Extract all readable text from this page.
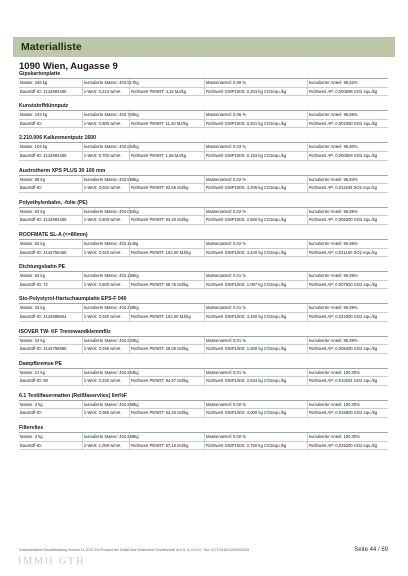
Materialliste
1090 Wien, Augasse 9
Gipskartonplatte
Masse: 346 kg	kumulierte Masse: 403.517kg	Massenanteil: 0,09 %	kumulierter Anteil: 96,82%
Baustoff-ID: 2142684286	λ-Wert: 0,210 w/mK	Richtwert PENRT: 4,34 MJ/kg	Richtwert GWP100S: 0,203 kg CO2equ./kg	Richtwert AP: 0,000698 SO2 equ./kg
Kunststoffdünnputz
Masse: 243 kg	kumulierte Masse: 403.760kg	Massenanteil: 0,06 %	kumulierter Anteil: 96,88%
Baustoff-ID:	λ-Wert: 0,900 w/mK	Richtwert PENRT: 11,40 MJ/kg	Richtwert GWP100S: 0,401 kg CO2equ./kg	Richtwert AP: 0,002360 SO2 equ./kg
2.210.006 Kalkzementputz 1600
Masse: 104 kg	kumulierte Masse: 403.864kg	Massenanteil: 0,03 %	kumulierter Anteil: 96,90%
Baustoff-ID: 2142684286	λ-Wert: 0,700 w/mK	Richtwert PENRT: 1,58 MJ/kg	Richtwert GWP100S: 0,153 kg CO2equ./kg	Richtwert AP: 0,000559 SO2 equ./kg
Austrotherm XPS PLUS 30 100 mm
Masse: 95 kg	kumulierte Masse: 403.959kg	Massenanteil: 0,02 %	kumulierter Anteil: 96,93%
Baustoff-ID:	λ-Wert: 0,032 w/mK	Richtwert PENRT: 93,56 MJ/kg	Richtwert GWP100S: 4,205 kg CO2equ./kg	Richtwert AP: 0,011539 SO2 equ./kg
Polyethylenbahn, -folie (PE)
Masse: 93 kg	kumulierte Masse: 404.052kg	Massenanteil: 0,02 %	kumulierter Anteil: 96,95%
Baustoff-ID: 2142684286	λ-Wert: 0,500 w/mK	Richtwert PENRT: 93,40 MJ/kg	Richtwert GWP100S: 2,550 kg CO2equ./kg	Richtwert AP: 0,005300 SO2 equ./kg
ROOFMATE SL-A (<=80mm)
Masse: 62 kg	kumulierte Masse: 404.114kg	Massenanteil: 0,02 %	kumulierter Anteil: 96,96%
Baustoff-ID: 2142755465	λ-Wert: 0,033 w/mK	Richtwert PENRT: 102,00 MJ/kg	Richtwert GWP100S: 3,440 kg CO2equ./kg	Richtwert AP: 0,021100 SO2 equ./kg
Dichtungsbahn PE
Masse: 53 kg	kumulierte Masse: 404.166kg	Massenanteil: 0,01 %	kumulierter Anteil: 96,98%
Baustoff-ID: 72	λ-Wert: 0,500 w/mK	Richtwert PENRT: 68,76 MJ/kg	Richtwert GWP100S: 2,097 kg CO2equ./kg	Richtwert AP: 0,007820 SO2 equ./kg
Sto-Polystyrol-Hartschaumplatte EPS-F 040
Masse: 43 kg	kumulierte Masse: 404.209kg	Massenanteil: 0,01 %	kumulierter Anteil: 96,99%
Baustoff-ID: 2142688604	λ-Wert: 0,040 w/mK	Richtwert PENRT: 102,00 MJ/kg	Richtwert GWP100S: 3,450 kg CO2equ./kg	Richtwert AP: 0,022300 SO2 equ./kg
ISOVER TW- KF Trennwandklemmfilz
Masse: 24 kg	kumulierte Masse: 404.233kg	Massenanteil: 0,01 %	kumulierter Anteil: 96,99%
Baustoff-ID: 2142758595	λ-Wert: 0,036 w/mK	Richtwert PENRT: 29,00 MJ/kg	Richtwert GWP100S: 1,500 kg CO2equ./kg	Richtwert AP: 0,006400 SO2 equ./kg
Dampfbremse PE
Masse: 21 kg	kumulierte Masse: 404.254kg	Massenanteil: 0,01 %	kumulierter Anteil: 100,00%
Baustoff-ID: 68	λ-Wert: 0,330 w/mK	Richtwert PENRT: 84,87 MJ/kg	Richtwert GWP100S: 2,634 kg CO2equ./kg	Richtwert AP: 0,010251 SO2 equ./kg
6.1 Textilfasermatten (Reißfaservlies) 6m%F
Masse: 3 kg	kumulierte Masse: 404.258kg	Massenanteil: 0,00 %	kumulierter Anteil: 100,00%
Baustoff-ID:	λ-Wert: 0,055 w/mK	Richtwert PENRT: 64,20 MJ/kg	Richtwert GWP100S: 4,000 kg CO2equ./kg	Richtwert AP: 0,016800 SO2 equ./kg
Filtervlies
Masse: 3 kg	kumulierte Masse: 404.259kg	Massenanteil: 0,00 %	kumulierter Anteil: 100,00%
Baustoff-ID:	λ-Wert: 1,000 w/mK	Richtwert PENRT: 97,10 MJ/kg	Richtwert GWP100S: 2,750 kg CO2equ./kg	Richtwert AP: 0,025200 SO2 equ./kg
Dokumentation Bauteilkatalog Version 11.2021 Ein Produkt der BuildDesk Österreich Gesellschaft m.b.H. & Co.KG. Snr: ECT-201811260002018	Seite 44 / 69
IMMO GTH
